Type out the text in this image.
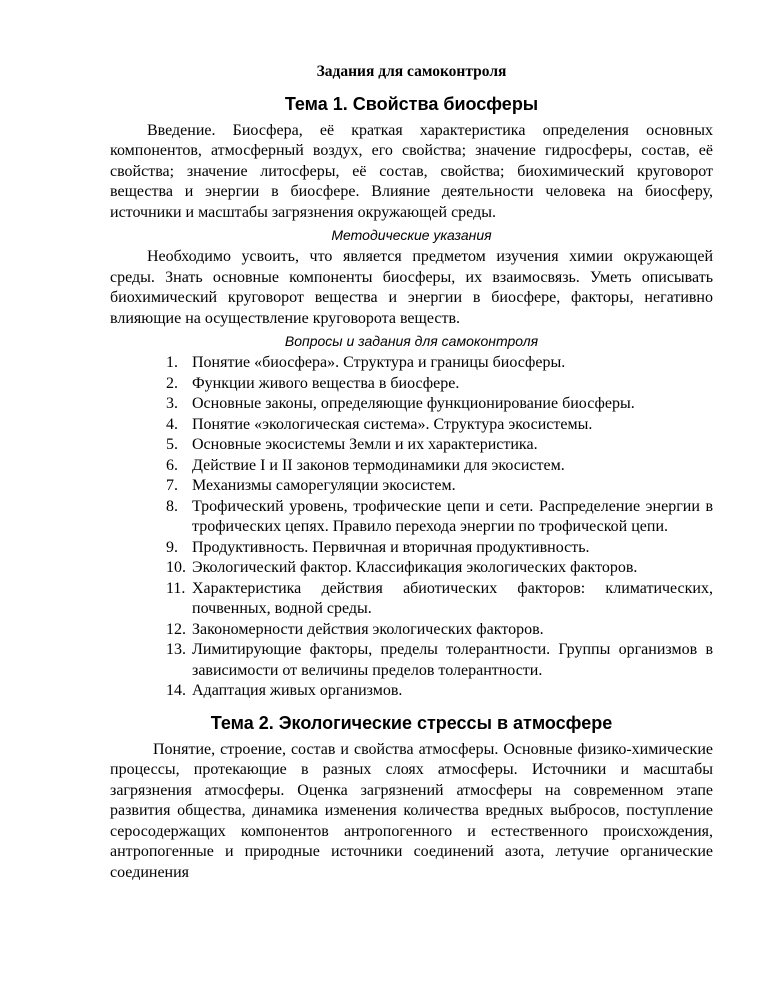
Задания для самоконтроля
Тема 1. Свойства биосферы

Введение. Биосфера, её краткая характеристика определения основных компонентов, атмосферный воздух, его свойства; значение гидросферы, состав, её свойства; значение литосферы, её состав, свойства; биохимический круговорот вещества и энергии в биосфере. Влияние деятельности человека на биосферу, источники и масштабы загрязнения окружающей среды.

Методические указания

Необходимо усвоить, что является предметом изучения химии окружающей среды. Знать основные компоненты биосферы, их взаимосвязь. Уметь описывать биохимический круговорот вещества и энергии в биосфере, факторы, негативно влияющие на осуществление круговорота веществ.

Вопросы и задания для самоконтроля
1. Понятие «биосфера». Структура и границы биосферы.
2. Функции живого вещества в биосфере.
3. Основные законы, определяющие функционирование биосферы.
4. Понятие «экологическая система». Структура экосистемы.
5. Основные экосистемы Земли и их характеристика.
6. Действие I и II законов термодинамики для экосистем.
7. Механизмы саморегуляции экосистем.
8. Трофический уровень, трофические цепи и сети. Распределение энергии в трофических цепях. Правило перехода энергии по трофической цепи.
9. Продуктивность. Первичная и вторичная продуктивность.
10. Экологический фактор. Классификация экологических факторов.
11. Характеристика действия абиотических факторов: климатических, почвенных, водной среды.
12. Закономерности действия экологических факторов.
13. Лимитирующие факторы, пределы толерантности. Группы организмов в зависимости от величины пределов толерантности.
14. Адаптация живых организмов.
Тема 2. Экологические стрессы в атмосфере

Понятие, строение, состав и свойства атмосферы. Основные физико-химические процессы, протекающие в разных слоях атмосферы. Источники и масштабы загрязнения атмосферы. Оценка загрязнений атмосферы на современном этапе развития общества, динамика изменения количества вредных выбросов, поступление серосодержащих компонентов антропогенного и естественного происхождения, антропогенные и природные источники соединений азота, летучие органические соединения
